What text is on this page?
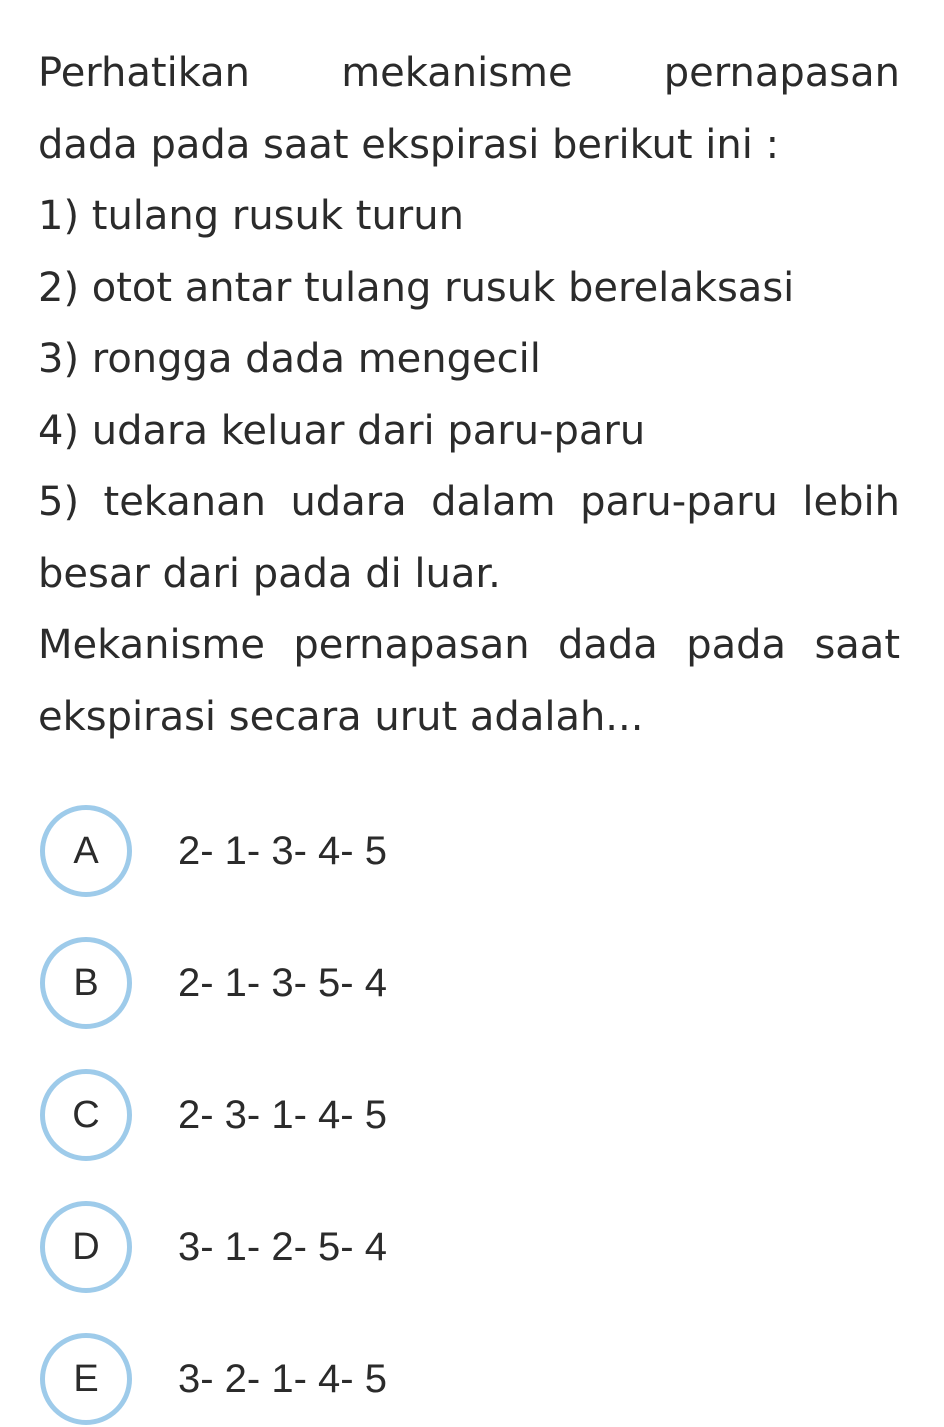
Perhatikan mekanisme pernapasan
dada pada saat ekspirasi berikut ini :
1) tulang rusuk turun
2) otot antar tulang rusuk berelaksasi
3) rongga dada mengecil
4) udara keluar dari paru-paru
5) tekanan udara dalam paru-paru lebih
besar dari pada di luar.
Mekanisme pernapasan dada pada saat
ekspirasi secara urut adalah...
A	2- 1- 3- 4- 5
B	2- 1- 3- 5- 4
C	2- 3- 1- 4- 5
D	3- 1- 2- 5- 4
E	3- 2- 1- 4- 5
